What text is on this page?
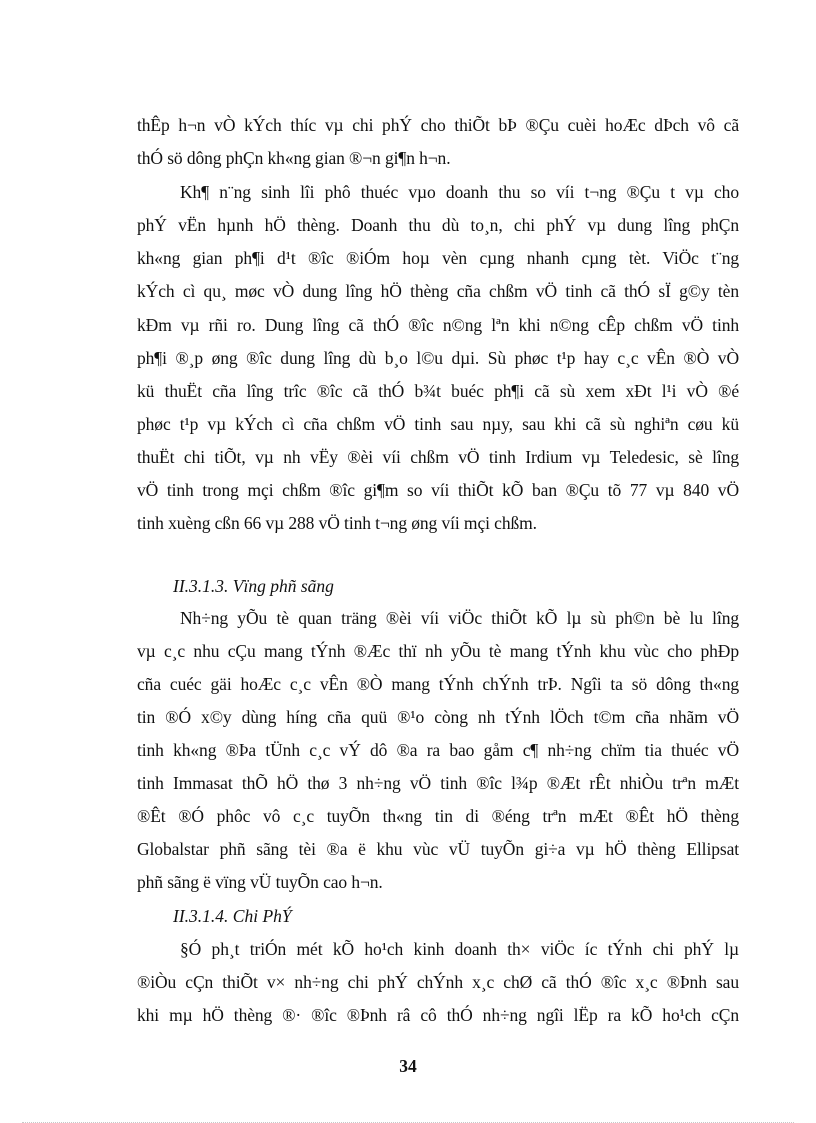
thÊp h¬n vÒ kÝch thíc vµ chi phÝ cho thiÕt bÞ ®Çu cuèi hoÆc dÞch vô cã
thÓ sö dông phÇn kh«ng gian ®¬n gi¶n h¬n.
Kh¶ n¨ng sinh lîi phô thuéc vµo doanh thu so víi t¬ng ®Çu t vµ cho
phÝ vËn hµnh hÖ thèng. Doanh thu dù to¸n, chi phÝ vµ dung lîng phÇn
kh«ng gian ph¶i d¹t ®îc ®iÓm hoµ vèn cµng nhanh cµng tèt. ViÖc t¨ng
kÝch cì qu¸ møc vÒ dung lîng hÖ thèng cña chßm vÖ tinh cã thÓ sÏ g©y tèn
kÐm vµ rñi ro. Dung lîng cã thÓ ®îc n©ng lªn khi n©ng cÊp chßm vÖ tinh
ph¶i ®¸p øng ®îc dung lîng dù b¸o l©u dµi. Sù phøc t¹p hay c¸c vÊn ®Ò vÒ
kü thuËt cña lîng trîc ®îc cã thÓ b¾t buéc ph¶i cã sù xem xÐt l¹i vÒ ®é
phøc t¹p vµ kÝch cì cña chßm vÖ tinh sau nµy, sau khi cã sù nghiªn cøu kü
thuËt chi tiÕt, vµ nh vËy ®èi víi chßm vÖ tinh Irdium vµ Teledesic, sè lîng
vÖ tinh trong mçi chßm ®îc gi¶m so víi thiÕt kÕ ban ®Çu tõ 77 vµ 840 vÖ
tinh xuèng cßn 66 vµ 288 vÖ tinh t¬ng øng víi mçi chßm.
II.3.1.3. Vïng phñ sãng
Nh÷ng yÕu tè quan träng ®èi víi viÖc thiÕt kÕ lµ sù ph©n bè lu lîng
vµ c¸c nhu cÇu mang tÝnh ®Æc thï nh yÕu tè mang tÝnh khu vùc cho phÐp
cña cuéc gäi hoÆc c¸c vÊn ®Ò mang tÝnh chÝnh trÞ. Ngîi ta sö dông th«ng
tin ®Ó x©y dùng híng cña quü ®¹o còng nh tÝnh lÖch t©m cña nhãm vÖ
tinh kh«ng ®Þa tÜnh c¸c vÝ dô ®a ra bao gåm c¶ nh÷ng chïm tia thuéc vÖ
tinh Immasat thÕ hÖ thø 3 nh÷ng vÖ tinh ®îc l¾p ®Æt rÊt nhiÒu trªn mÆt
®Êt ®Ó phôc vô c¸c tuyÕn th«ng tin di ®éng trªn mÆt ®Êt hÖ thèng
Globalstar phñ sãng tèi ®a ë khu vùc vÜ tuyÕn gi÷a vµ hÖ thèng Ellipsat
phñ sãng ë vïng vÜ tuyÕn cao h¬n.
II.3.1.4. Chi PhÝ
§Ó ph¸t triÓn mét kÕ ho¹ch kinh doanh th× viÖc íc tÝnh chi phÝ lµ
®iÒu cÇn thiÕt v× nh÷ng chi phÝ chÝnh x¸c chØ cã thÓ ®îc x¸c ®Þnh sau
khi mµ hÖ thèng ®· ®îc ®Þnh râ cô thÓ nh÷ng ngîi lËp ra kÕ ho¹ch cÇn
34
